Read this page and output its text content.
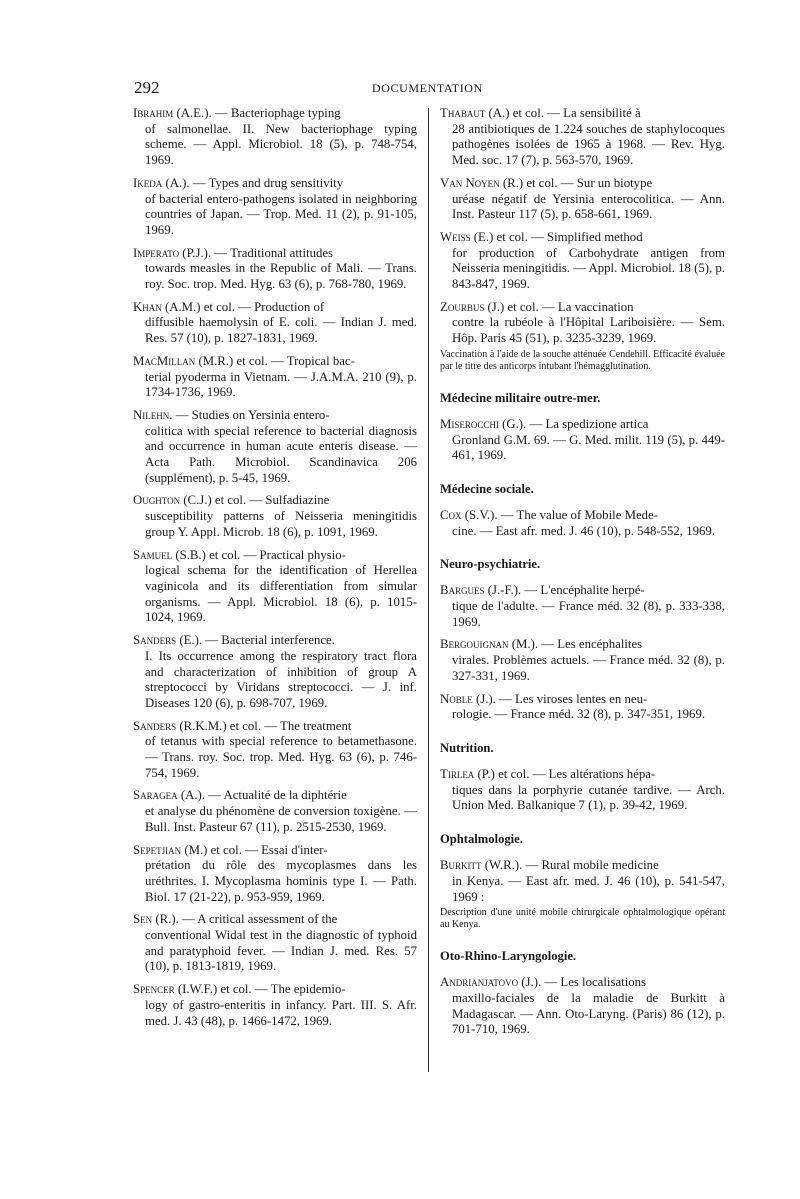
292	DOCUMENTATION

Ibrahim (A.E.). — Bacteriophage typing
of salmonellae. II. New bacteriophage typing scheme. — Appl. Microbiol. 18 (5), p. 748-754, 1969.

Ikeda (A.). — Types and drug sensitivity
of bacterial entero-pathogens isolated in neighboring countries of Japan. — Trop. Med. 11 (2), p. 91-105, 1969.

Imperato (P.J.). — Traditional attitudes
towards measles in the Republic of Mali. — Trans. roy. Soc. trop. Med. Hyg. 63 (6), p. 768-780, 1969.

Khan (A.M.) et col. — Production of
diffusible haemolysin of E. coli. — Indian J. med. Res. 57 (10), p. 1827-1831, 1969.

MacMillan (M.R.) et col. — Tropical bac-
terial pyoderma in Vietnam. — J.A.M.A. 210 (9), p. 1734-1736, 1969.

Nilehn. — Studies on Yersinia entero-
colitica with special reference to bacterial diagnosis and occurrence in human acute enteris disease. — Acta Path. Microbiol. Scandinavica 206 (supplément), p. 5-45, 1969.

Oughton (C.J.) et col. — Sulfadiazine
susceptibility patterns of Neisseria meningitidis group Y. Appl. Microb. 18 (6), p. 1091, 1969.

Samuel (S.B.) et col. — Practical physio-
logical schema for the identification of Herellea vaginicola and its differentiation from simular organisms. — Appl. Microbiol. 18 (6), p. 1015-1024, 1969.

Sanders (E.). — Bacterial interference.
I. Its occurrence among the respiratory tract flora and characterization of inhibition of group A streptococci by Viridans streptococci. — J. inf. Diseases 120 (6), p. 698-707, 1969.

Sanders (R.K.M.) et col. — The treatment
of tetanus with special reference to betamethasone. — Trans. roy. Soc. trop. Med. Hyg. 63 (6), p. 746-754, 1969.

Saragea (A.). — Actualité de la diphtérie
et analyse du phénomène de conversion toxigène. — Bull. Inst. Pasteur 67 (11), p. 2515-2530, 1969.

Sepetjian (M.) et col. — Essai d'inter-
prétation du rôle des mycoplasmes dans les uréthrites. I. Mycoplasma hominis type I. — Path. Biol. 17 (21-22), p. 953-959, 1969.

Sen (R.). — A critical assessment of the
conventional Widal test in the diagnostic of typhoid and paratyphoid fever. — Indian J. med. Res. 57 (10), p. 1813-1819, 1969.

Spencer (I.W.F.) et col. — The epidemio-
logy of gastro-enteritis in infancy. Part. III. S. Afr. med. J. 43 (48), p. 1466-1472, 1969.

Thabaut (A.) et col. — La sensibilité à
28 antibiotiques de 1.224 souches de staphylocoques pathogènes isolées de 1965 à 1968. — Rev. Hyg. Med. soc. 17 (7), p. 563-570, 1969.

Van Noyen (R.) et col. — Sur un biotype
uréase négatif de Yersinia enterocolitica. — Ann. Inst. Pasteur 117 (5), p. 658-661, 1969.

Weiss (E.) et col. — Simplified method
for production of Carbohydrate antigen from Neisseria meningitidis. — Appl. Microbiol. 18 (5), p. 843-847, 1969.

Zourbus (J.) et col. — La vaccination
contre la rubéole à l'Hôpital Lariboisière. — Sem. Hôp. Paris 45 (51), p. 3235-3239, 1969.

Vaccination à l'aide de la souche atténuée Cendehill. Efficacité évaluée par le titre des anticorps intubant l'hémagglutination.

Médecine militaire outre-mer.

Miserocchi (G.). — La spedizione artica
Gronland G.M. 69. — G. Med. milit. 119 (5), p. 449-461, 1969.

Médecine sociale.

Cox (S.V.). — The value of Mobile Mede-
cine. — East afr. med. J. 46 (10), p. 548-552, 1969.

Neuro-psychiatrie.

Bargues (J.-F.). — L'encéphalite herpé-
tique de l'adulte. — France méd. 32 (8), p. 333-338, 1969.

Bergouignan (M.). — Les encéphalites
virales. Problèmes actuels. — France méd. 32 (8), p. 327-331, 1969.

Noble (J.). — Les viroses lentes en neu-
rologie. — France méd. 32 (8), p. 347-351, 1969.

Nutrition.

Tirlea (P.) et col. — Les altérations hépa-
tiques dans la porphyrie cutanée tardive. — Arch. Union Med. Balkanique 7 (1), p. 39-42, 1969.

Ophtalmologie.

Burkitt (W.R.). — Rural mobile medicine
in Kenya. — East afr. med. J. 46 (10), p. 541-547, 1969 :

Description d'une unité mobile chirurgicale ophtalmologique opérant au Kenya.

Oto-Rhino-Laryngologie.

Andrianjatovo (J.). — Les localisations
maxillo-faciales de la maladie de Burkitt à Madagascar. — Ann. Oto-Laryng. (Paris) 86 (12), p. 701-710, 1969.
